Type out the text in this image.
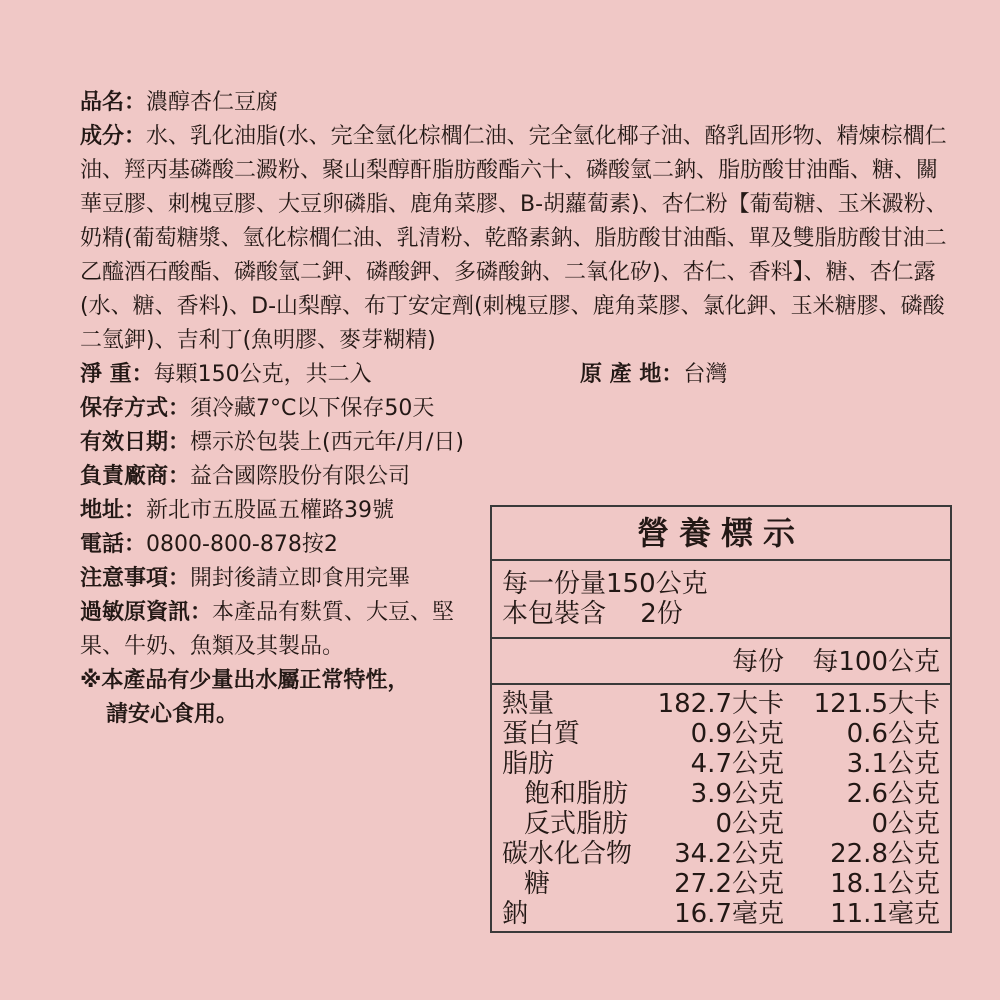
品名：濃醇杏仁豆腐
成分：水、乳化油脂(水、完全氫化棕櫚仁油、完全氫化椰子油、酪乳固形物、精煉棕櫚仁油、羥丙基磷酸二澱粉、聚山梨醇酐脂肪酸酯六十、磷酸氫二鈉、脂肪酸甘油酯、糖、關華豆膠、刺槐豆膠、大豆卵磷脂、鹿角菜膠、B-胡蘿蔔素)、杏仁粉【葡萄糖、玉米澱粉、奶精(葡萄糖漿、氫化棕櫚仁油、乳清粉、乾酪素鈉、脂肪酸甘油酯、單及雙脂肪酸甘油二乙醯酒石酸酯、磷酸氫二鉀、磷酸鉀、多磷酸鈉、二氧化矽)、杏仁、香料】、糖、杏仁露(水、糖、香料)、D-山梨醇、布丁安定劑(刺槐豆膠、鹿角菜膠、氯化鉀、玉米糖膠、磷酸二氫鉀)、吉利丁(魚明膠、麥芽糊精)
淨 重：每顆150公克，共二入	原 產 地：台灣
保存方式：須冷藏7°C以下保存50天
有效日期：標示於包裝上(西元年/月/日)
負責廠商：益合國際股份有限公司
地址：新北市五股區五權路39號
電話：0800-800-878按2
注意事項：開封後請立即食用完畢
過敏原資訊：本產品有麩質、大豆、堅果、牛奶、魚類及其製品。
※本產品有少量出水屬正常特性，
請安心食用。
營養標示
每一份量150公克
本包裝含　 2份
每份 每100公克
熱量	182.7大卡 121.5大卡
蛋白質	0.9公克 0.6公克
脂肪	4.7公克 3.1公克
飽和脂肪 3.9公克 2.6公克
反式脂肪	0公克	0公克
碳水化合物 34.2公克 22.8公克
糖	27.2公克 18.1公克
鈉	16.7毫克 11.1毫克
